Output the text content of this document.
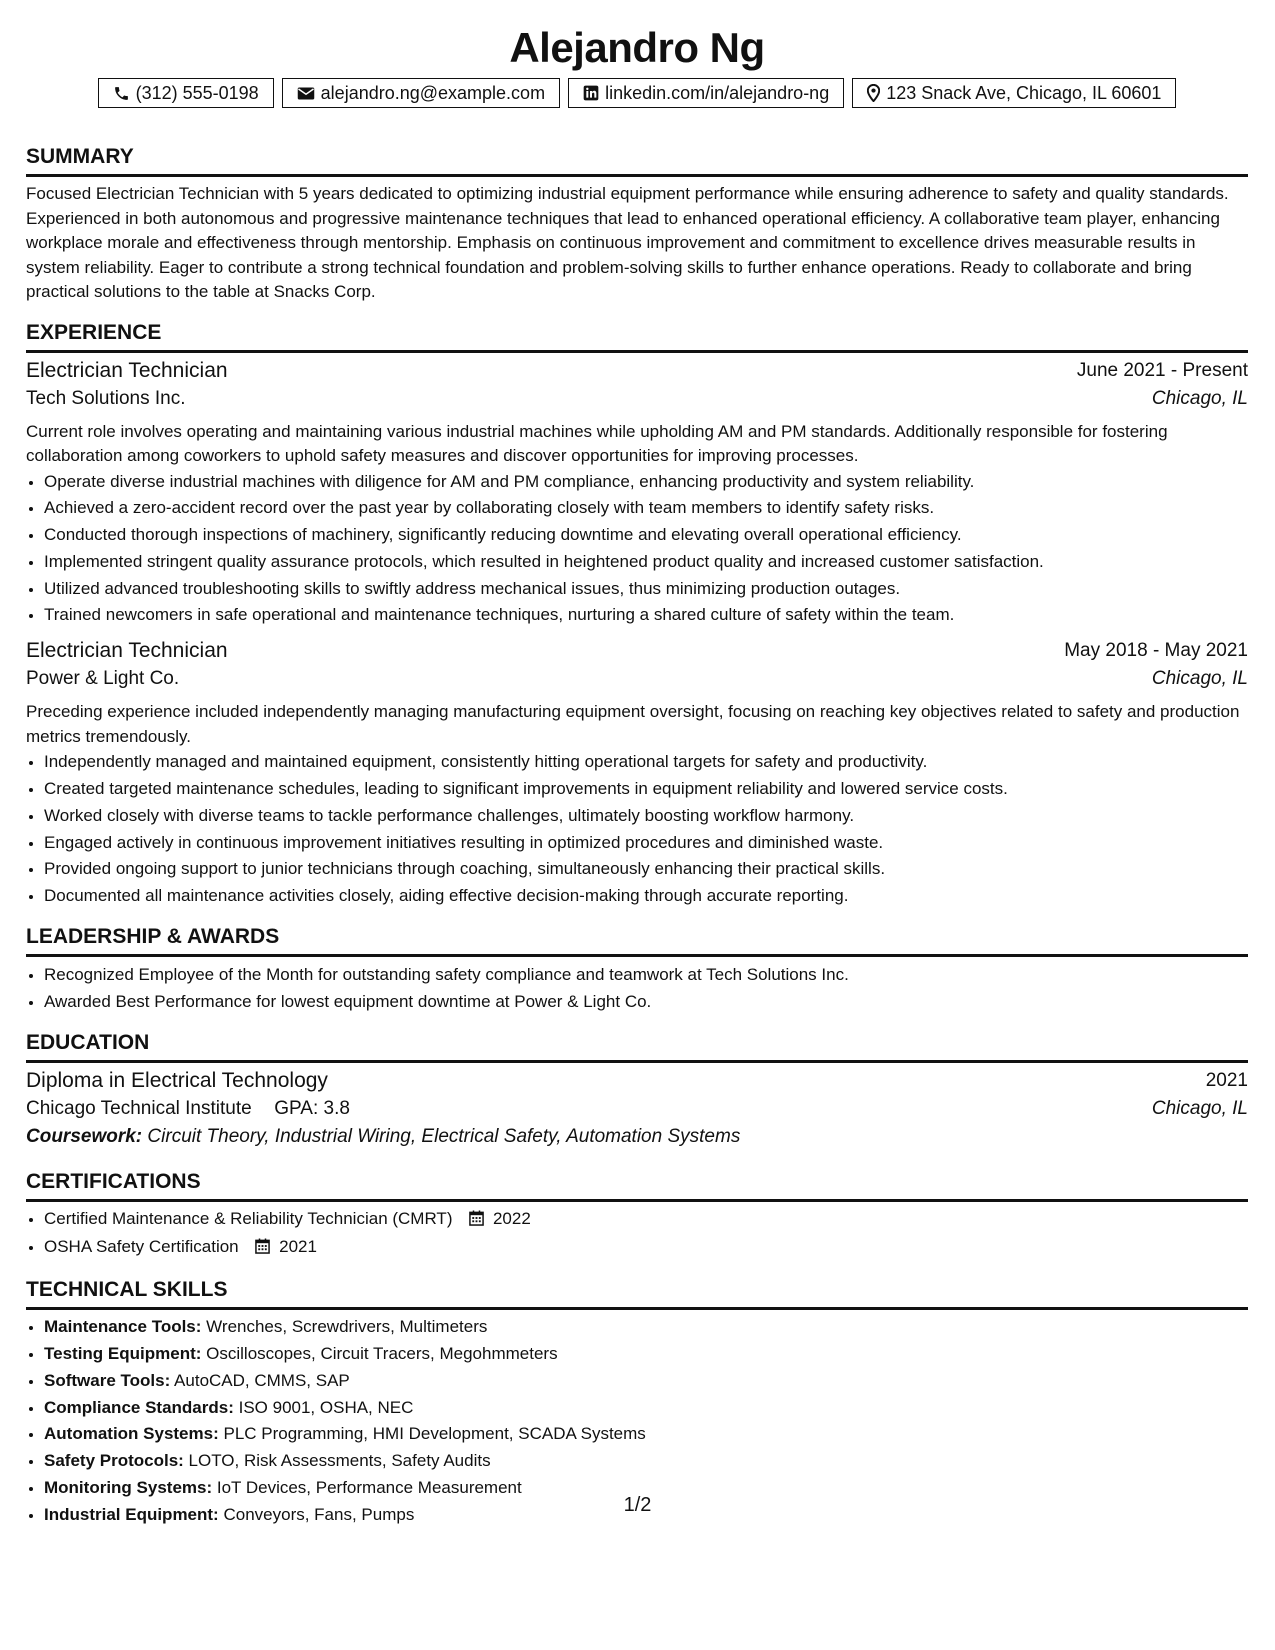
Alejandro Ng
(312) 555-0198	alejandro.ng@example.com	linkedin.com/in/alejandro-ng	123 Snack Ave, Chicago, IL 60601
SUMMARY
Focused Electrician Technician with 5 years dedicated to optimizing industrial equipment performance while ensuring adherence to safety and quality standards. Experienced in both autonomous and progressive maintenance techniques that lead to enhanced operational efficiency. A collaborative team player, enhancing workplace morale and effectiveness through mentorship. Emphasis on continuous improvement and commitment to excellence drives measurable results in system reliability. Eager to contribute a strong technical foundation and problem-solving skills to further enhance operations. Ready to collaborate and bring practical solutions to the table at Snacks Corp.
EXPERIENCE
Electrician Technician	June 2021 - Present
Tech Solutions Inc.	Chicago, IL
Current role involves operating and maintaining various industrial machines while upholding AM and PM standards. Additionally responsible for fostering collaboration among coworkers to uphold safety measures and discover opportunities for improving processes.
• Operate diverse industrial machines with diligence for AM and PM compliance, enhancing productivity and system reliability.
• Achieved a zero-accident record over the past year by collaborating closely with team members to identify safety risks.
• Conducted thorough inspections of machinery, significantly reducing downtime and elevating overall operational efficiency.
• Implemented stringent quality assurance protocols, which resulted in heightened product quality and increased customer satisfaction.
• Utilized advanced troubleshooting skills to swiftly address mechanical issues, thus minimizing production outages.
• Trained newcomers in safe operational and maintenance techniques, nurturing a shared culture of safety within the team.
Electrician Technician	May 2018 - May 2021
Power & Light Co.	Chicago, IL
Preceding experience included independently managing manufacturing equipment oversight, focusing on reaching key objectives related to safety and production metrics tremendously.
• Independently managed and maintained equipment, consistently hitting operational targets for safety and productivity.
• Created targeted maintenance schedules, leading to significant improvements in equipment reliability and lowered service costs.
• Worked closely with diverse teams to tackle performance challenges, ultimately boosting workflow harmony.
• Engaged actively in continuous improvement initiatives resulting in optimized procedures and diminished waste.
• Provided ongoing support to junior technicians through coaching, simultaneously enhancing their practical skills.
• Documented all maintenance activities closely, aiding effective decision-making through accurate reporting.
LEADERSHIP & AWARDS
• Recognized Employee of the Month for outstanding safety compliance and teamwork at Tech Solutions Inc.
• Awarded Best Performance for lowest equipment downtime at Power & Light Co.
EDUCATION
Diploma in Electrical Technology	2021
Chicago Technical Institute GPA: 3.8	Chicago, IL
Coursework: Circuit Theory, Industrial Wiring, Electrical Safety, Automation Systems
CERTIFICATIONS
• Certified Maintenance & Reliability Technician (CMRT) 2022
• OSHA Safety Certification 2021
TECHNICAL SKILLS
• Maintenance Tools: Wrenches, Screwdrivers, Multimeters
• Testing Equipment: Oscilloscopes, Circuit Tracers, Megohmmeters
• Software Tools: AutoCAD, CMMS, SAP
• Compliance Standards: ISO 9001, OSHA, NEC
• Automation Systems: PLC Programming, HMI Development, SCADA Systems
• Safety Protocols: LOTO, Risk Assessments, Safety Audits
• Monitoring Systems: IoT Devices, Performance Measurement
• Industrial Equipment: Conveyors, Fans, Pumps	1/2
